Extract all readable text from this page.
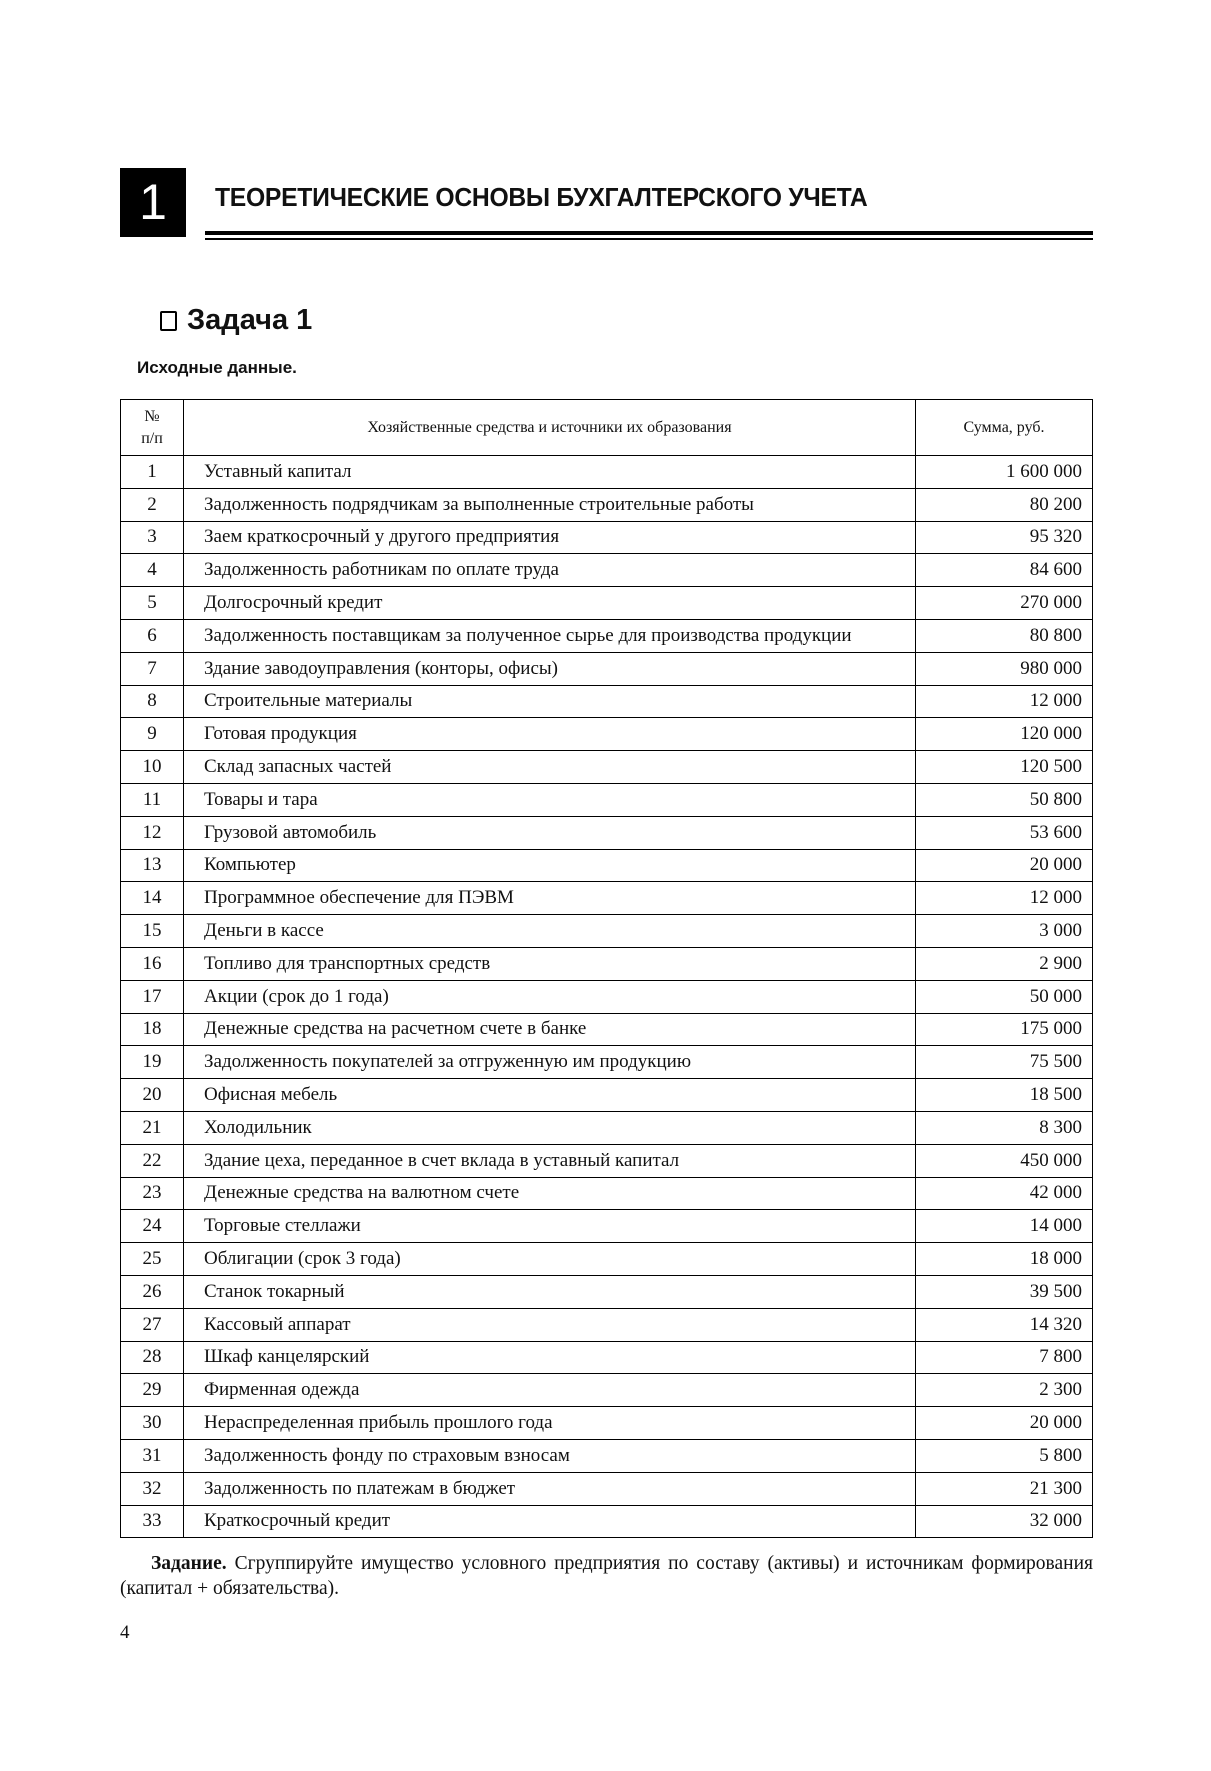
1	ТЕОРЕТИЧЕСКИЕ ОСНОВЫ БУХГАЛТЕРСКОГО УЧЕТА
Задача 1
Исходные данные.
№
п/п	Хозяйственные средства и источники их образования	Сумма, руб.
1	Уставный капитал	1 600 000
2	Задолженность подрядчикам за выполненные строительные работы	80 200
3	Заем краткосрочный у другого предприятия	95 320
4	Задолженность работникам по оплате труда	84 600
5	Долгосрочный кредит	270 000
6	Задолженность поставщикам за полученное сырье для производства продукции	80 800
7	Здание заводоуправления (конторы, офисы)	980 000
8	Строительные материалы	12 000
9	Готовая продукция	120 000
10	Склад запасных частей	120 500
11	Товары и тара	50 800
12	Грузовой автомобиль	53 600
13	Компьютер	20 000
14	Программное обеспечение для ПЭВМ	12 000
15	Деньги в кассе	3 000
16	Топливо для транспортных средств	2 900
17	Акции (срок до 1 года)	50 000
18	Денежные средства на расчетном счете в банке	175 000
19	Задолженность покупателей за отгруженную им продукцию	75 500
20	Офисная мебель	18 500
21	Холодильник	8 300
22	Здание цеха, переданное в счет вклада в уставный капитал	450 000
23	Денежные средства на валютном счете	42 000
24	Торговые стеллажи	14 000
25	Облигации (срок 3 года)	18 000
26	Станок токарный	39 500
27	Кассовый аппарат	14 320
28	Шкаф канцелярский	7 800
29	Фирменная одежда	2 300
30	Нераспределенная прибыль прошлого года	20 000
31	Задолженность фонду по страховым взносам	5 800
32	Задолженность по платежам в бюджет	21 300
33	Краткосрочный кредит	32 000
Задание. Сгруппируйте имущество условного предприятия по составу (активы) и источникам формирования (капитал + обязательства).
4
